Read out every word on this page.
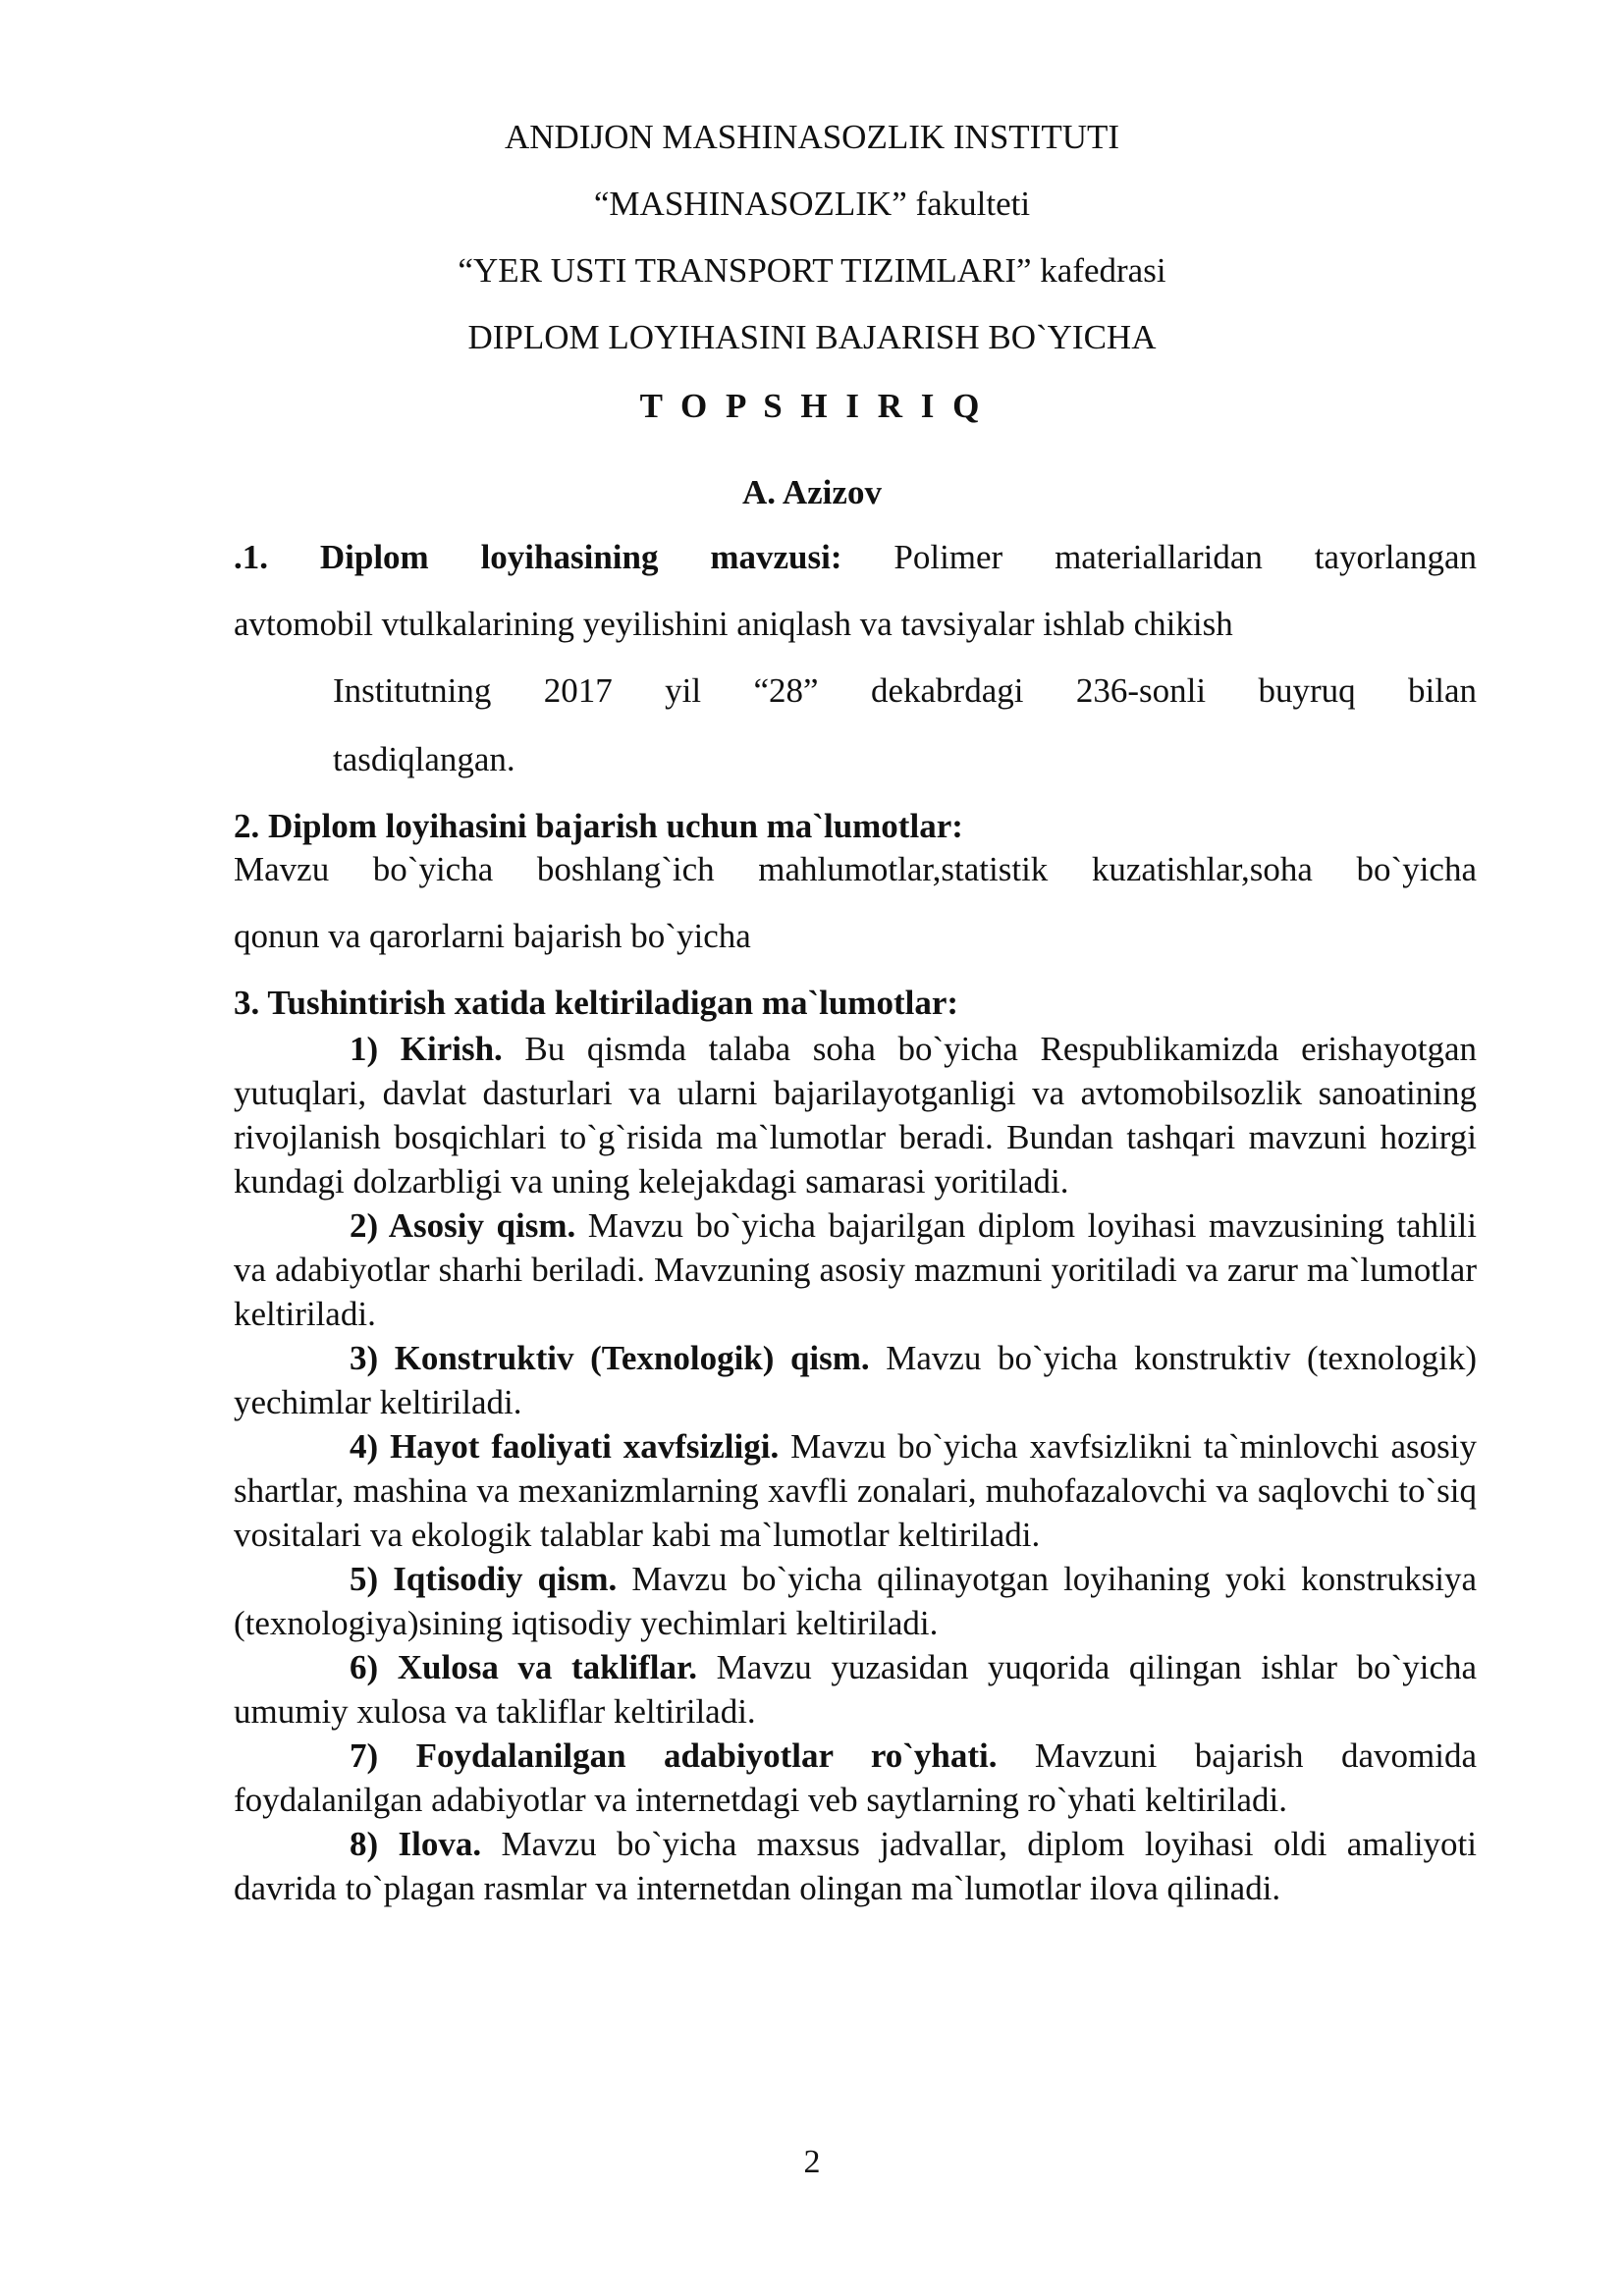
ANDIJON MASHINASOZLIK INSTITUTI
“MASHINASOZLIK” fakulteti
“YER USTI TRANSPORT TIZIMLARI” kafedrasi
DIPLOM LOYIHASINI BAJARISH BO`YICHA
T O P S H I R I Q
A. Azizov
.1. Diplom loyihasining mavzusi: Polimer materiallaridan tayorlangan
avtomobil vtulkalarining yeyilishini aniqlash va tavsiyalar ishlab chikish
Institutning 2017 yil “28” dekabrdagi 236-sonli buyruq bilan
tasdiqlangan.
2. Diplom loyihasini bajarish uchun ma`lumotlar:
Mavzu bo`yicha boshlang`ich mahlumotlar,statistik kuzatishlar,soha bo`yicha
qonun va qarorlarni bajarish bo`yicha
3. Tushintirish xatida keltiriladigan ma`lumotlar:
1) Kirish. Bu qismda talaba soha bo`yicha Respublikamizda erishayotgan yutuqlari, davlat dasturlari va ularni bajarilayotganligi va avtomobilsozlik sanoatining rivojlanish bosqichlari to`g`risida ma`lumotlar beradi. Bundan tashqari mavzuni hozirgi kundagi dolzarbligi va uning kelejakdagi samarasi yoritiladi.
2) Asosiy qism. Mavzu bo`yicha bajarilgan diplom loyihasi mavzusining tahlili va adabiyotlar sharhi beriladi. Mavzuning asosiy mazmuni yoritiladi va zarur ma`lumotlar keltiriladi.
3) Konstruktiv (Texnologik) qism. Mavzu bo`yicha konstruktiv (texnologik) yechimlar keltiriladi.
4) Hayot faoliyati xavfsizligi. Mavzu bo`yicha xavfsizlikni ta`minlovchi asosiy shartlar, mashina va mexanizmlarning xavfli zonalari, muhofazalovchi va saqlovchi to`siq vositalari va ekologik talablar kabi ma`lumotlar keltiriladi.
5) Iqtisodiy qism. Mavzu bo`yicha qilinayotgan loyihaning yoki konstruksiya (texnologiya)sining iqtisodiy yechimlari keltiriladi.
6) Xulosa va takliflar. Mavzu yuzasidan yuqorida qilingan ishlar bo`yicha umumiy xulosa va takliflar keltiriladi.
7) Foydalanilgan adabiyotlar ro`yhati. Mavzuni bajarish davomida foydalanilgan adabiyotlar va internetdagi veb saytlarning ro`yhati keltiriladi.
8) Ilova. Mavzu bo`yicha maxsus jadvallar, diplom loyihasi oldi amaliyoti davrida to`plagan rasmlar va internetdan olingan ma`lumotlar ilova qilinadi.
2
